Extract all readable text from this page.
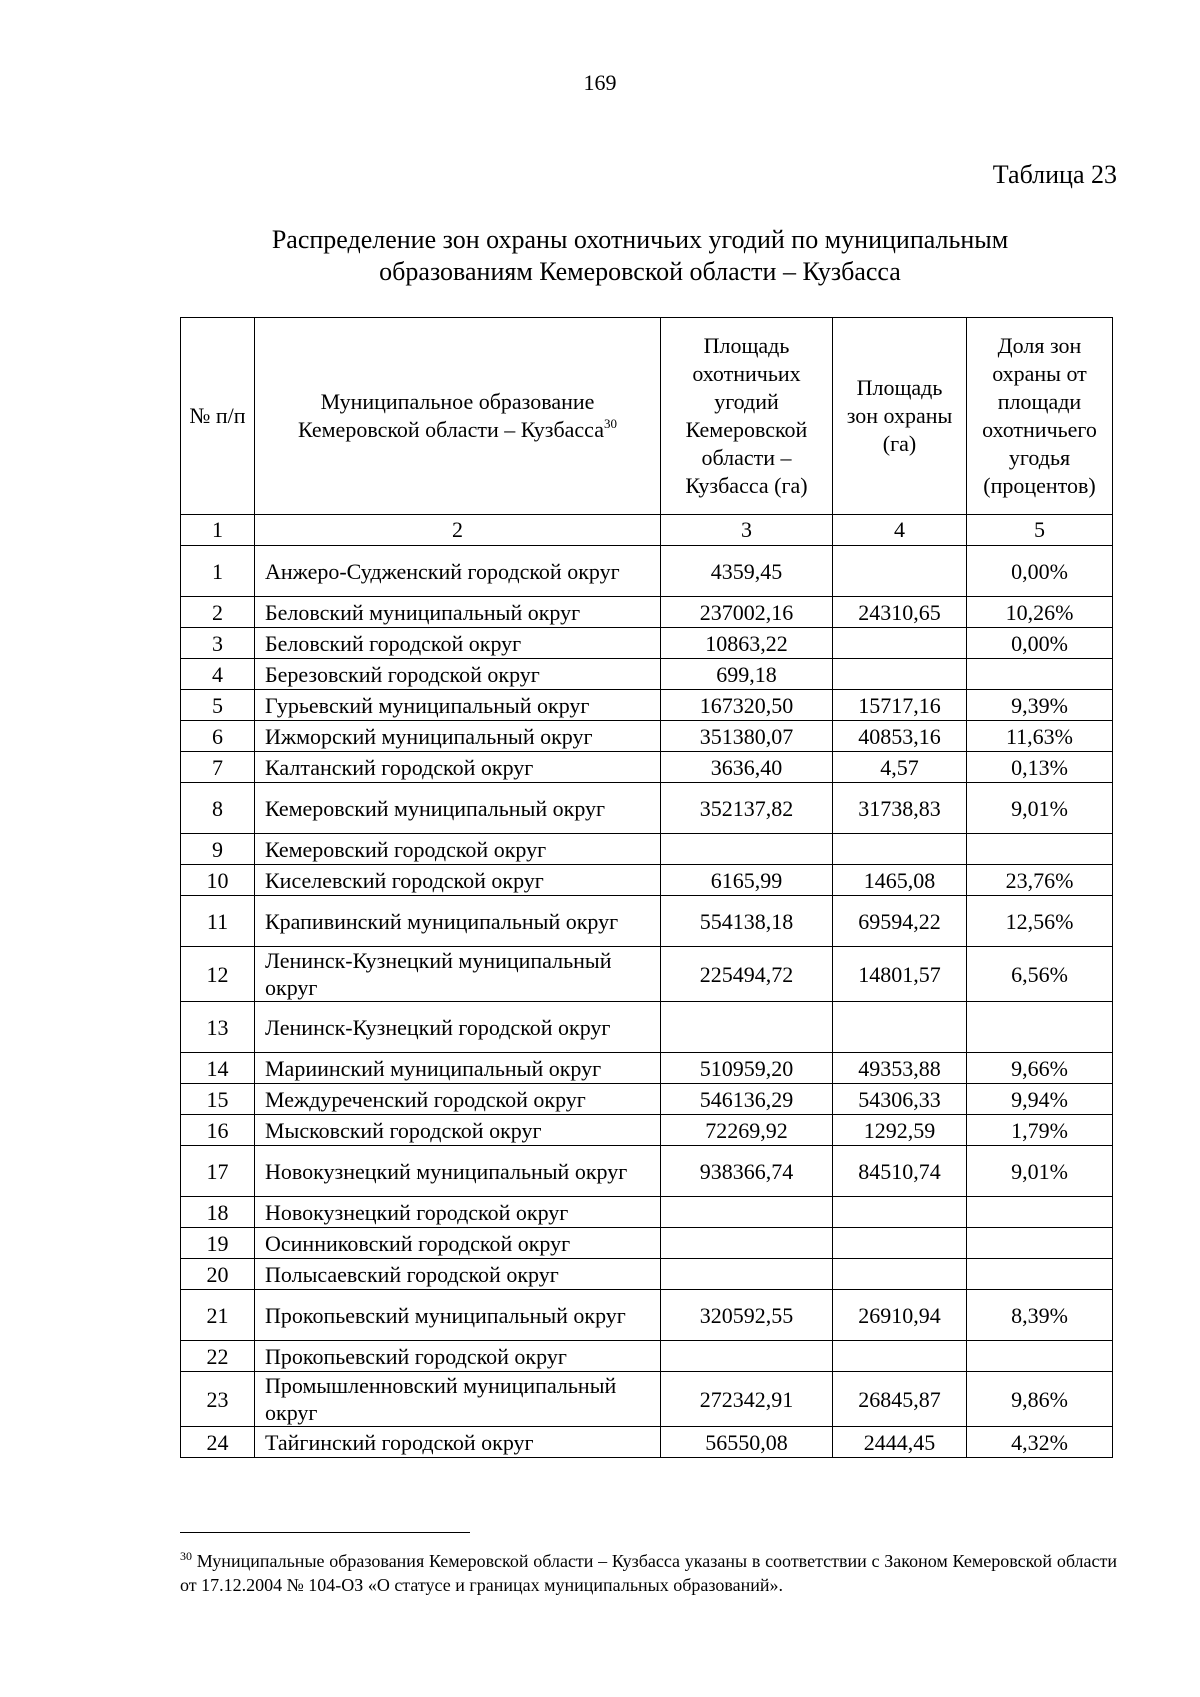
169
Таблица 23
Распределение зон охраны охотничьих угодий по муниципальным
образованиям Кемеровской области – Кузбасса
№ п/п	Муниципальное образование Кемеровской области – Кузбасса$^{30}$	Площадь охотничьих угодий Кемеровской области – Кузбасса (га)	Площадь зон охраны (га)	Доля зон охраны от площади охотничьего угодья (процентов)
1	2	3	4	5
1	Анжеро-Судженский городской округ	4359,45		0,00%
2	Беловский муниципальный округ	237002,16	24310,65	10,26%
3	Беловский городской округ	10863,22		0,00%
4	Березовский городской округ	699,18		
5	Гурьевский муниципальный округ	167320,50	15717,16	9,39%
6	Ижморский муниципальный округ	351380,07	40853,16	11,63%
7	Калтанский городской округ	3636,40	4,57	0,13%
8	Кемеровский муниципальный округ	352137,82	31738,83	9,01%
9	Кемеровский городской округ			
10	Киселевский городской округ	6165,99	1465,08	23,76%
11	Крапивинский муниципальный округ	554138,18	69594,22	12,56%
12	Ленинск-Кузнецкий муниципальный округ	225494,72	14801,57	6,56%
13	Ленинск-Кузнецкий городской округ			
14	Мариинский муниципальный округ	510959,20	49353,88	9,66%
15	Междуреченский городской округ	546136,29	54306,33	9,94%
16	Мысковский городской округ	72269,92	1292,59	1,79%
17	Новокузнецкий муниципальный округ	938366,74	84510,74	9,01%
18	Новокузнецкий городской округ			
19	Осинниковский городской округ			
20	Полысаевский городской округ			
21	Прокопьевский муниципальный округ	320592,55	26910,94	8,39%
22	Прокопьевский городской округ			
23	Промышленновский муниципальный округ	272342,91	26845,87	9,86%
24	Тайгинский городской округ	56550,08	2444,45	4,32%
$^{30}$ Муниципальные образования Кемеровской области – Кузбасса указаны в соответствии с Законом Кемеровской области от 17.12.2004 № 104-ОЗ «О статусе и границах муниципальных образований».
